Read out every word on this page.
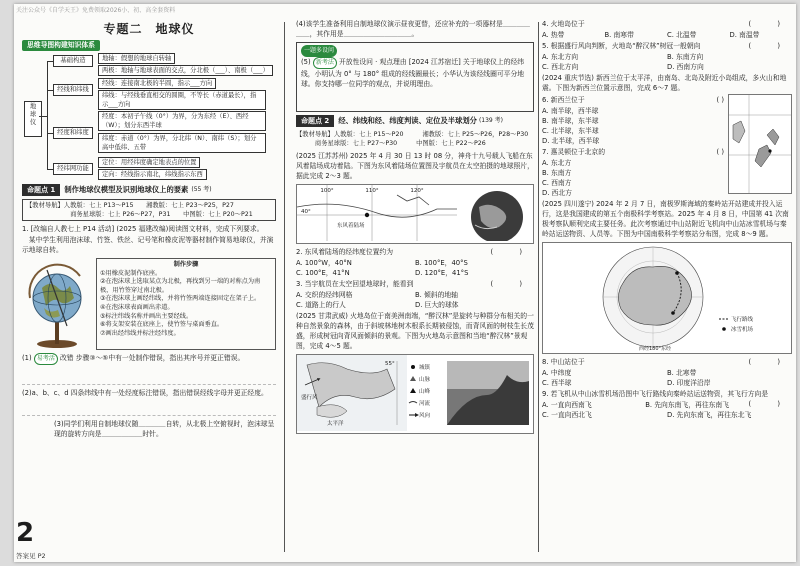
关注公众号《自学天王》免费领取2026小、初、高全套资料
专题二　地球仪
思维导图构建知识体系
地球仪
基础构造	地轴：假想的地球自转轴
两极：地轴与地球表面的交点，分北极（___）、南极（___）
经线和纬线
经线：连接南北极的半圆，指示___方向
纬线：与经线垂直相交的圆圈，不等长（赤道最长），指示___方向
经度和纬度
经度：本初子午线（0°）为界，分为东经（E）、西经（W）；划分东西半球
纬度：赤道（0°）为界，分北纬（N）、南纬（S）；划分高中低纬、五带
经纬网功能
定位：用经纬度确定地表点的位置
定向：经线指示南北，纬线指示东西
命题点 1	制作地球仪模型及识别地球仪上的要素 (55 考)
【教材导航】人教版：七上 P13～P15　　湘教版：七上 P23～P25，P27
　　　　　　　商务星球版：七上 P26～P27，P31　　中图版：七上 P20～P21
1. [改编自人教七上 P14 活动] (2025 福建改编)阅读图文材料，完成下列要求。
　某中学生利用泡沫球、竹签、铁丝、记号笔和橡皮泥等器材制作简易地球仪，并演示地球自转。
制作步骤
①用橡皮泥制作底座。
②在泡沫球上选取某点为北极，再找到另一端的对称点为南极，用竹签穿过南北极。
③在泡沫球上画经纬线，并将竹签两端连接固定在架子上。
④在泡沫球表面画出赤道。
⑤标注纬线名称并画出主要经线。
⑥将支架安装在底座上，使竹签与桌面垂直。
⑦画出经纬线并标注经纬度。
(1) 易考活 改错 步骤③～⑤中有一处制作错误，指出其序号并更正错误。
(2)a、b、c、d 四条纬线中有一处经度标注错误，指出错误经线字母并更正经度。
(3)同学们利用自制地球仪随＿＿＿＿自转，从北极上空俯视时，泡沫球呈现的旋转方向是＿＿＿＿＿＿时针。
2
答案见 P2
(4)该学生准备利用自制地球仪演示昼夜更替，还应补充的一项器材是＿＿＿＿＿＿，其作用是＿＿＿＿＿＿＿＿＿＿。
一题多设问
(5) 新考法 开放性设问 · 观点理由 [2024 江苏宿迁] 关于地球仪上的经纬线，小明认为 0° 与 180° 组成的经线圈最长；小华认为该经线圈可平分地球。你支持哪一位同学的观点，并说明理由。
命题点 2	经、纬线和经、纬度判读、定位及半球划分 (139 考)
【教材导航】人教版：七上 P15～P20　　　湘教版：七上 P25～P26，P28～P30
　　　商务星球版：七上 P27～P30　　　中图版：七上 P22～P26
(2025 江苏苏州) 2025 年 4 月 30 日 13 时 08 分，神舟十九号载人飞船在东风着陆场成功着陆。下图为东风着陆场位置图及宇航员在太空拍摄的地球照片，据此完成 2～3 题。
100°	110°	120°
40°
东风着陆场
2. 东风着陆场的经纬度位置约为	( )
A. 100°W，40°N	B. 100°E，40°S
C. 100°E，41°N	D. 120°E，41°S
3. 当宇航员在太空回望地球时，能看到	( )
A. 交织的经纬网格	B. 倾斜的地轴
C. 道路上的行人	D. 巨大的球体
(2025 甘肃武威) 火地岛位于南美洲南端，“醉汉林”是旋转与种群分布相关的一种自然景象的森林，由于斜坡林地树木根系长期被侵蚀，而背风面的树枝生长茂盛，形成树冠向背风面倾斜的景观。下图为火地岛示意图和当地“醉汉林”景观图，完成 4～5 题。
55°
盛行风
太平洋
城镇
山脉
山峰
河流
风向
4. 火地岛位于	( )
A. 热带	B. 南寒带	C. 北温带	D. 南温带
5. 根据盛行风向判断，火地岛“醉汉林”树冠一般朝向	( )
A. 东北方向	B. 东南方向
C. 西北方向	D. 西南方向
(2024 重庆节选) 新西兰位于太平洋，由南岛、北岛及附近小岛组成，多火山和地震。下图为新西兰位置示意图，完成 6～7 题。
6. 新西兰位于	( )
A. 南半球，西半球
B. 南半球，东半球
C. 北半球，东半球
D. 北半球，西半球
7. 惠灵顿位于北京的	( )
A. 东北方
B. 东南方
C. 西南方
D. 西北方
(2025 四川遂宁) 2024 年 2 月 7 日，南极罗斯海域的秦岭站开站建成并投入运行，这是我国建成的第五个南极科学考察站。2025 年 4 月 8 日，中国第 41 次南极考察队顺利完成主要任务。此次考察通过中山站附近飞机向中山站冰雪机场与秦岭站运送物资、人员等。下图为中国南极科学考察站分布图，完成 8～9 题。
飞行路线
冰雪机场
西经180°东经
8. 中山站位于	( )
A. 中纬度	B. 北寒带
C. 西半球	D. 印度洋沿岸
9. 若飞机从中山冰雪机场沿图中飞行路线向秦岭站运送物资，其飞行方向是
( )
A. 一直向西南飞	B. 先向东南飞，再往东南飞
C. 一直向西北飞	D. 先向东南飞，再往东北飞
